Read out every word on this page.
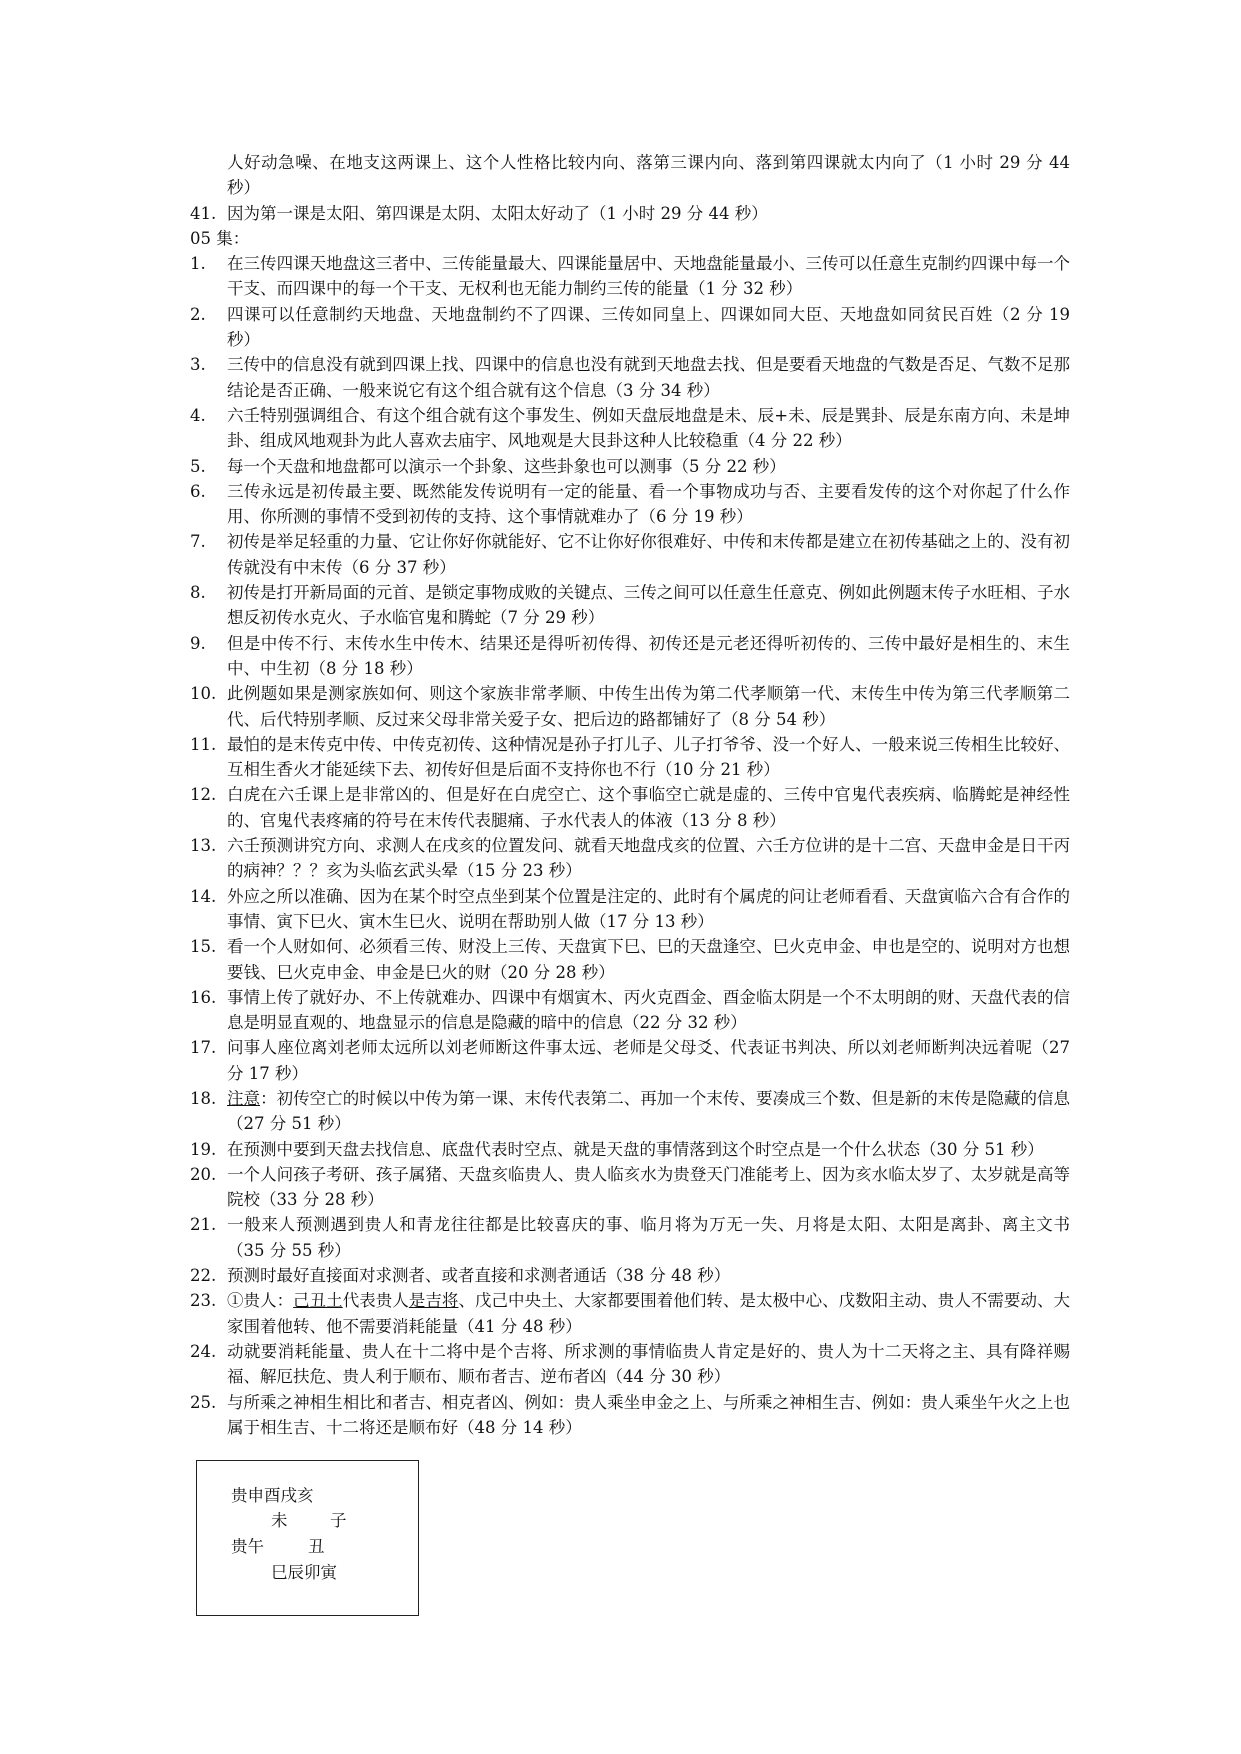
人好动急噪、在地支这两课上、这个人性格比较内向、落第三课内向、落到第四课就太内向了（1 小时 29 分 44 秒）
41. 因为第一课是太阳、第四课是太阴、太阳太好动了（1 小时 29 分 44 秒）
05 集：
1.	在三传四课天地盘这三者中、三传能量最大、四课能量居中、天地盘能量最小、三传可以任意生克制约四课中每一个干支、而四课中的每一个干支、无权利也无能力制约三传的能量（1 分 32 秒）
2.	四课可以任意制约天地盘、天地盘制约不了四课、三传如同皇上、四课如同大臣、天地盘如同贫民百姓（2 分 19 秒）
3.	三传中的信息没有就到四课上找、四课中的信息也没有就到天地盘去找、但是要看天地盘的气数是否足、气数不足那结论是否正确、一般来说它有这个组合就有这个信息（3 分 34 秒）
4.	六壬特别强调组合、有这个组合就有这个事发生、例如天盘辰地盘是未、辰+未、辰是巽卦、辰是东南方向、未是坤卦、组成风地观卦为此人喜欢去庙宇、风地观是大艮卦这种人比较稳重（4 分 22 秒）
5.	每一个天盘和地盘都可以演示一个卦象、这些卦象也可以测事（5 分 22 秒）
6.	三传永远是初传最主要、既然能发传说明有一定的能量、看一个事物成功与否、主要看发传的这个对你起了什么作用、你所测的事情不受到初传的支持、这个事情就难办了（6 分 19 秒）
7.	初传是举足轻重的力量、它让你好你就能好、它不让你好你很难好、中传和末传都是建立在初传基础之上的、没有初传就没有中末传（6 分 37 秒）
8.	初传是打开新局面的元首、是锁定事物成败的关键点、三传之间可以任意生任意克、例如此例题末传子水旺相、子水想反初传水克火、子水临官鬼和腾蛇（7 分 29 秒）
9.	但是中传不行、末传水生中传木、结果还是得听初传得、初传还是元老还得听初传的、三传中最好是相生的、末生中、中生初（8 分 18 秒）
10. 此例题如果是测家族如何、则这个家族非常孝顺、中传生出传为第二代孝顺第一代、末传生中传为第三代孝顺第二代、后代特别孝顺、反过来父母非常关爱子女、把后边的路都铺好了（8 分 54 秒）
11. 最怕的是末传克中传、中传克初传、这种情况是孙子打儿子、儿子打爷爷、没一个好人、一般来说三传相生比较好、互相生香火才能延续下去、初传好但是后面不支持你也不行（10 分 21 秒）
12. 白虎在六壬课上是非常凶的、但是好在白虎空亡、这个事临空亡就是虚的、三传中官鬼代表疾病、临腾蛇是神经性的、官鬼代表疼痛的符号在末传代表腿痛、子水代表人的体液（13 分 8 秒）
13. 六壬预测讲究方向、求测人在戌亥的位置发问、就看天地盘戌亥的位置、六壬方位讲的是十二宫、天盘申金是日干丙的病神？？？亥为头临玄武头晕（15 分 23 秒）
14. 外应之所以准确、因为在某个时空点坐到某个位置是注定的、此时有个属虎的问让老师看看、天盘寅临六合有合作的事情、寅下巳火、寅木生巳火、说明在帮助别人做（17 分 13 秒）
15. 看一个人财如何、必须看三传、财没上三传、天盘寅下巳、巳的天盘逢空、巳火克申金、申也是空的、说明对方也想要钱、巳火克申金、申金是巳火的财（20 分 28 秒）
16. 事情上传了就好办、不上传就难办、四课中有烟寅木、丙火克酉金、酉金临太阴是一个不太明朗的财、天盘代表的信息是明显直观的、地盘显示的信息是隐藏的暗中的信息（22 分 32 秒）
17. 问事人座位离刘老师太远所以刘老师断这件事太远、老师是父母爻、代表证书判决、所以刘老师断判决远着呢（27 分 17 秒）
18. 注意：初传空亡的时候以中传为第一课、末传代表第二、再加一个末传、要凑成三个数、但是新的末传是隐藏的信息（27 分 51 秒）
19. 在预测中要到天盘去找信息、底盘代表时空点、就是天盘的事情落到这个时空点是一个什么状态（30 分 51 秒）
20. 一个人问孩子考研、孩子属猪、天盘亥临贵人、贵人临亥水为贵登天门准能考上、因为亥水临太岁了、太岁就是高等院校（33 分 28 秒）
21. 一般来人预测遇到贵人和青龙往往都是比较喜庆的事、临月将为万无一失、月将是太阳、太阳是离卦、离主文书（35 分 55 秒）
22. 预测时最好直接面对求测者、或者直接和求测者通话（38 分 48 秒）
23. ①贵人：己丑土代表贵人是吉将、戊己中央土、大家都要围着他们转、是太极中心、戊数阳主动、贵人不需要动、大家围着他转、他不需要消耗能量（41 分 48 秒）
24. 动就要消耗能量、贵人在十二将中是个吉将、所求测的事情临贵人肯定是好的、贵人为十二天将之主、具有降祥赐福、解厄扶危、贵人利于顺布、顺布者吉、逆布者凶（44 分 30 秒）
25. 与所乘之神相生相比和者吉、相克者凶、例如：贵人乘坐申金之上、与所乘之神相生吉、例如：贵人乘坐午火之上也属于相生吉、十二将还是顺布好（48 分 14 秒）
贵申酉戌亥
未	子
贵午	丑
巳辰卯寅
